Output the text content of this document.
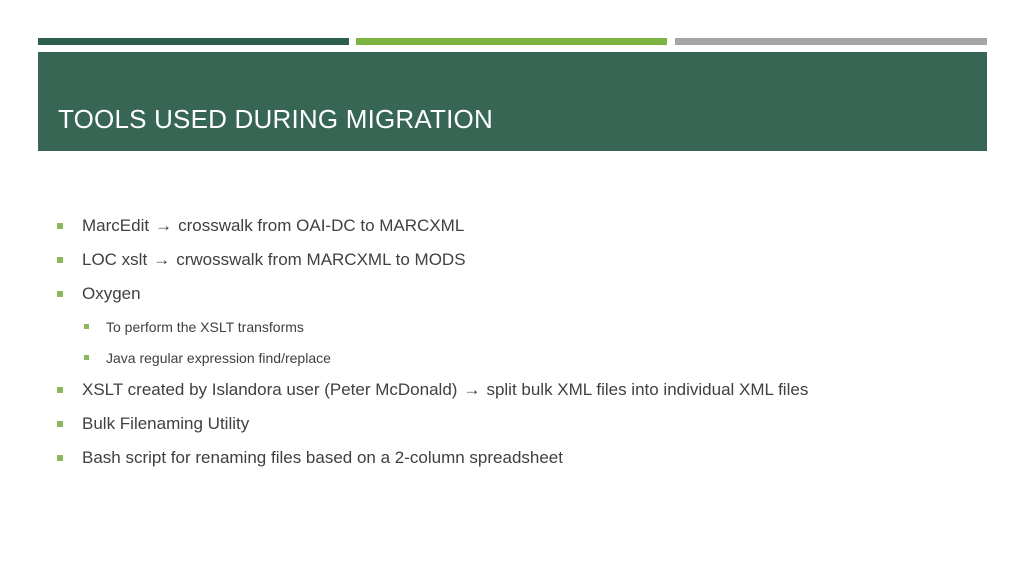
TOOLS USED DURING MIGRATION
MarcEdit → crosswalk from OAI-DC to MARCXML
LOC xslt → crwosswalk from MARCXML to MODS
Oxygen
To perform the XSLT transforms
Java regular expression find/replace
XSLT created by Islandora user (Peter McDonald) → split bulk XML files into individual XML files
Bulk Filenaming Utility
Bash script for renaming files based on a 2-column spreadsheet
